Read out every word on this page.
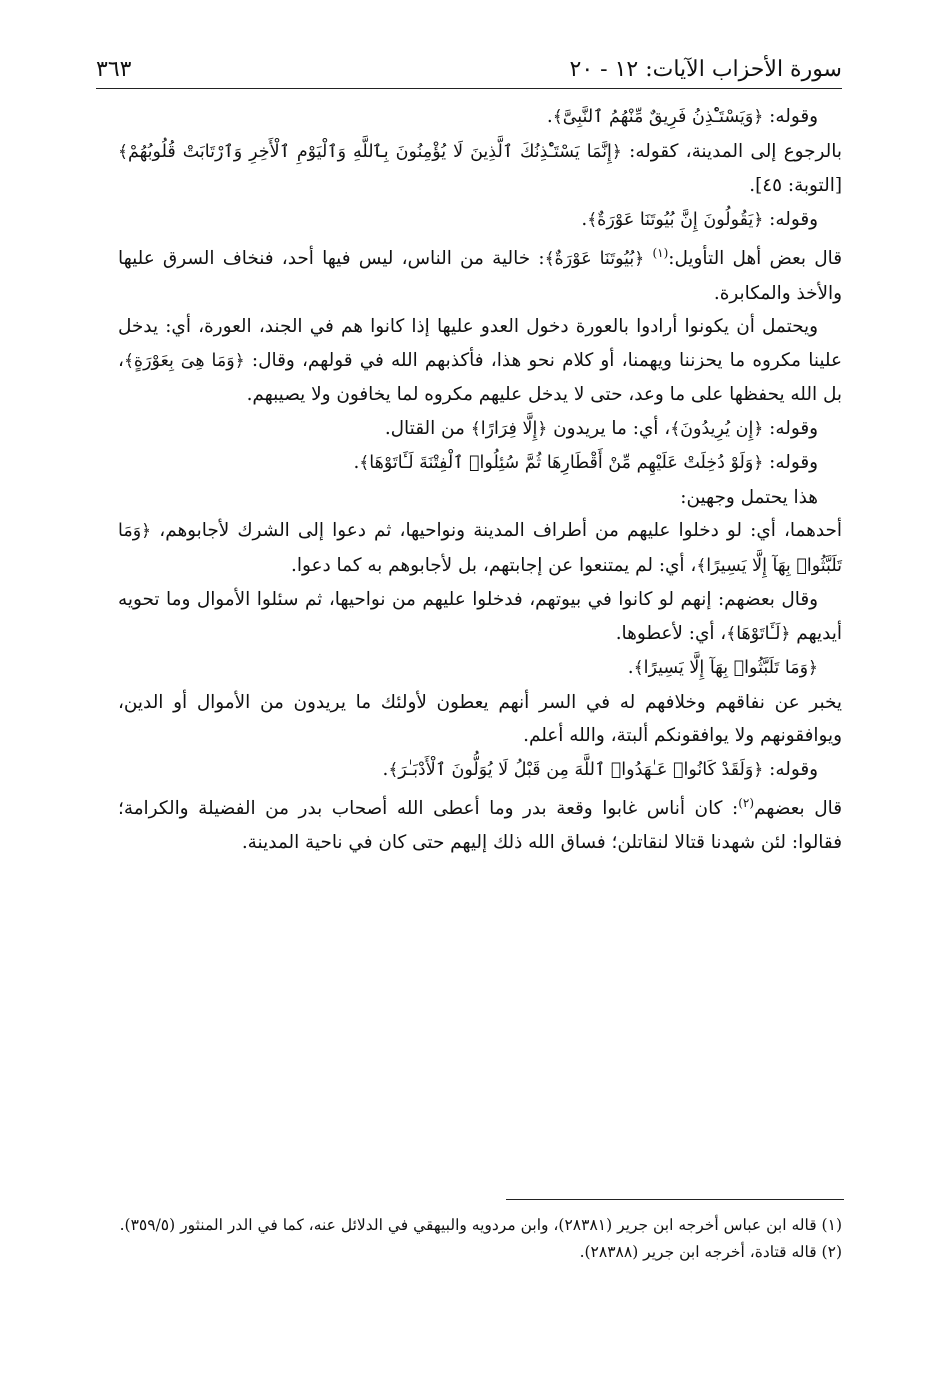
سورة الأحزاب الآيات: ١٢ - ٢٠
٣٦٣

وقوله: ﴿وَيَسْتَـْٔذِنُ فَرِيقٌ مِّنْهُمُ ٱلنَّبِىَّ﴾.

بالرجوع إلى المدينة، كقوله: ﴿إِنَّمَا يَسْتَـْٔذِنُكَ ٱلَّذِينَ لَا يُؤْمِنُونَ بِٱللَّهِ وَٱلْيَوْمِ ٱلْأَخِرِ وَٱرْتَابَتْ قُلُوبُهُمْ﴾ [التوبة: ٤٥].

وقوله: ﴿يَقُولُونَ إِنَّ بُيُوتَنَا عَوْرَةٌ﴾.

قال بعض أهل التأويل:$^{(١)}$ ﴿بُيُوتَنَا عَوْرَةٌ﴾: خالية من الناس، ليس فيها أحد، فنخاف السرق عليها والأخذ والمكابرة.

ويحتمل أن يكونوا أرادوا بالعورة دخول العدو عليها إذا كانوا هم في الجند، العورة، أي: يدخل علينا مكروه ما يحزننا ويهمنا، أو كلام نحو هذا، فأكذبهم الله في قولهم، وقال: ﴿وَمَا هِىَ بِعَوْرَةٍ﴾، بل الله يحفظها على ما وعد، حتى لا يدخل عليهم مكروه لما يخافون ولا يصيبهم.

وقوله: ﴿إِن يُرِيدُونَ﴾، أي: ما يريدون ﴿إِلَّا فِرَارًا﴾ من القتال.

وقوله: ﴿وَلَوْ دُخِلَتْ عَلَيْهِم مِّنْ أَقْطَارِهَا ثُمَّ سُئِلُوا۟ ٱلْفِتْنَةَ لَـَٔاتَوْهَا﴾.

هذا يحتمل وجهين:

أحدهما، أي: لو دخلوا عليهم من أطراف المدينة ونواحيها، ثم دعوا إلى الشرك لأجابوهم، ﴿وَمَا تَلَبَّثُوا۟ بِهَآ إِلَّا يَسِيرًا﴾، أي: لم يمتنعوا عن إجابتهم، بل لأجابوهم به كما دعوا.

وقال بعضهم: إنهم لو كانوا في بيوتهم، فدخلوا عليهم من نواحيها، ثم سئلوا الأموال وما تحويه أيديهم ﴿لَـَٔاتَوْهَا﴾، أي: لأعطوها.

﴿وَمَا تَلَبَّثُوا۟ بِهَآ إِلَّا يَسِيرًا﴾.

يخبر عن نفاقهم وخلافهم له في السر أنهم يعطون لأولئك ما يريدون من الأموال أو الدين، ويوافقونهم ولا يوافقونكم ألبتة، والله أعلم.

وقوله: ﴿وَلَقَدْ كَانُوا۟ عَـٰهَدُوا۟ ٱللَّهَ مِن قَبْلُ لَا يُوَلُّونَ ٱلْأَدْبَـٰرَ﴾.

قال بعضهم$^{(٢)}$: كان أناس غابوا وقعة بدر وما أعطى الله أصحاب بدر من الفضيلة والكرامة؛ فقالوا: لئن شهدنا قتالا لنقاتلن؛ فساق الله ذلك إليهم حتى كان في ناحية المدينة.

(١) قاله ابن عباس أخرجه ابن جرير (٢٨٣٨١)، وابن مردويه والبيهقي في الدلائل عنه، كما في الدر المنثور (٣٥٩/٥).

(٢) قاله قتادة، أخرجه ابن جرير (٢٨٣٨٨).
